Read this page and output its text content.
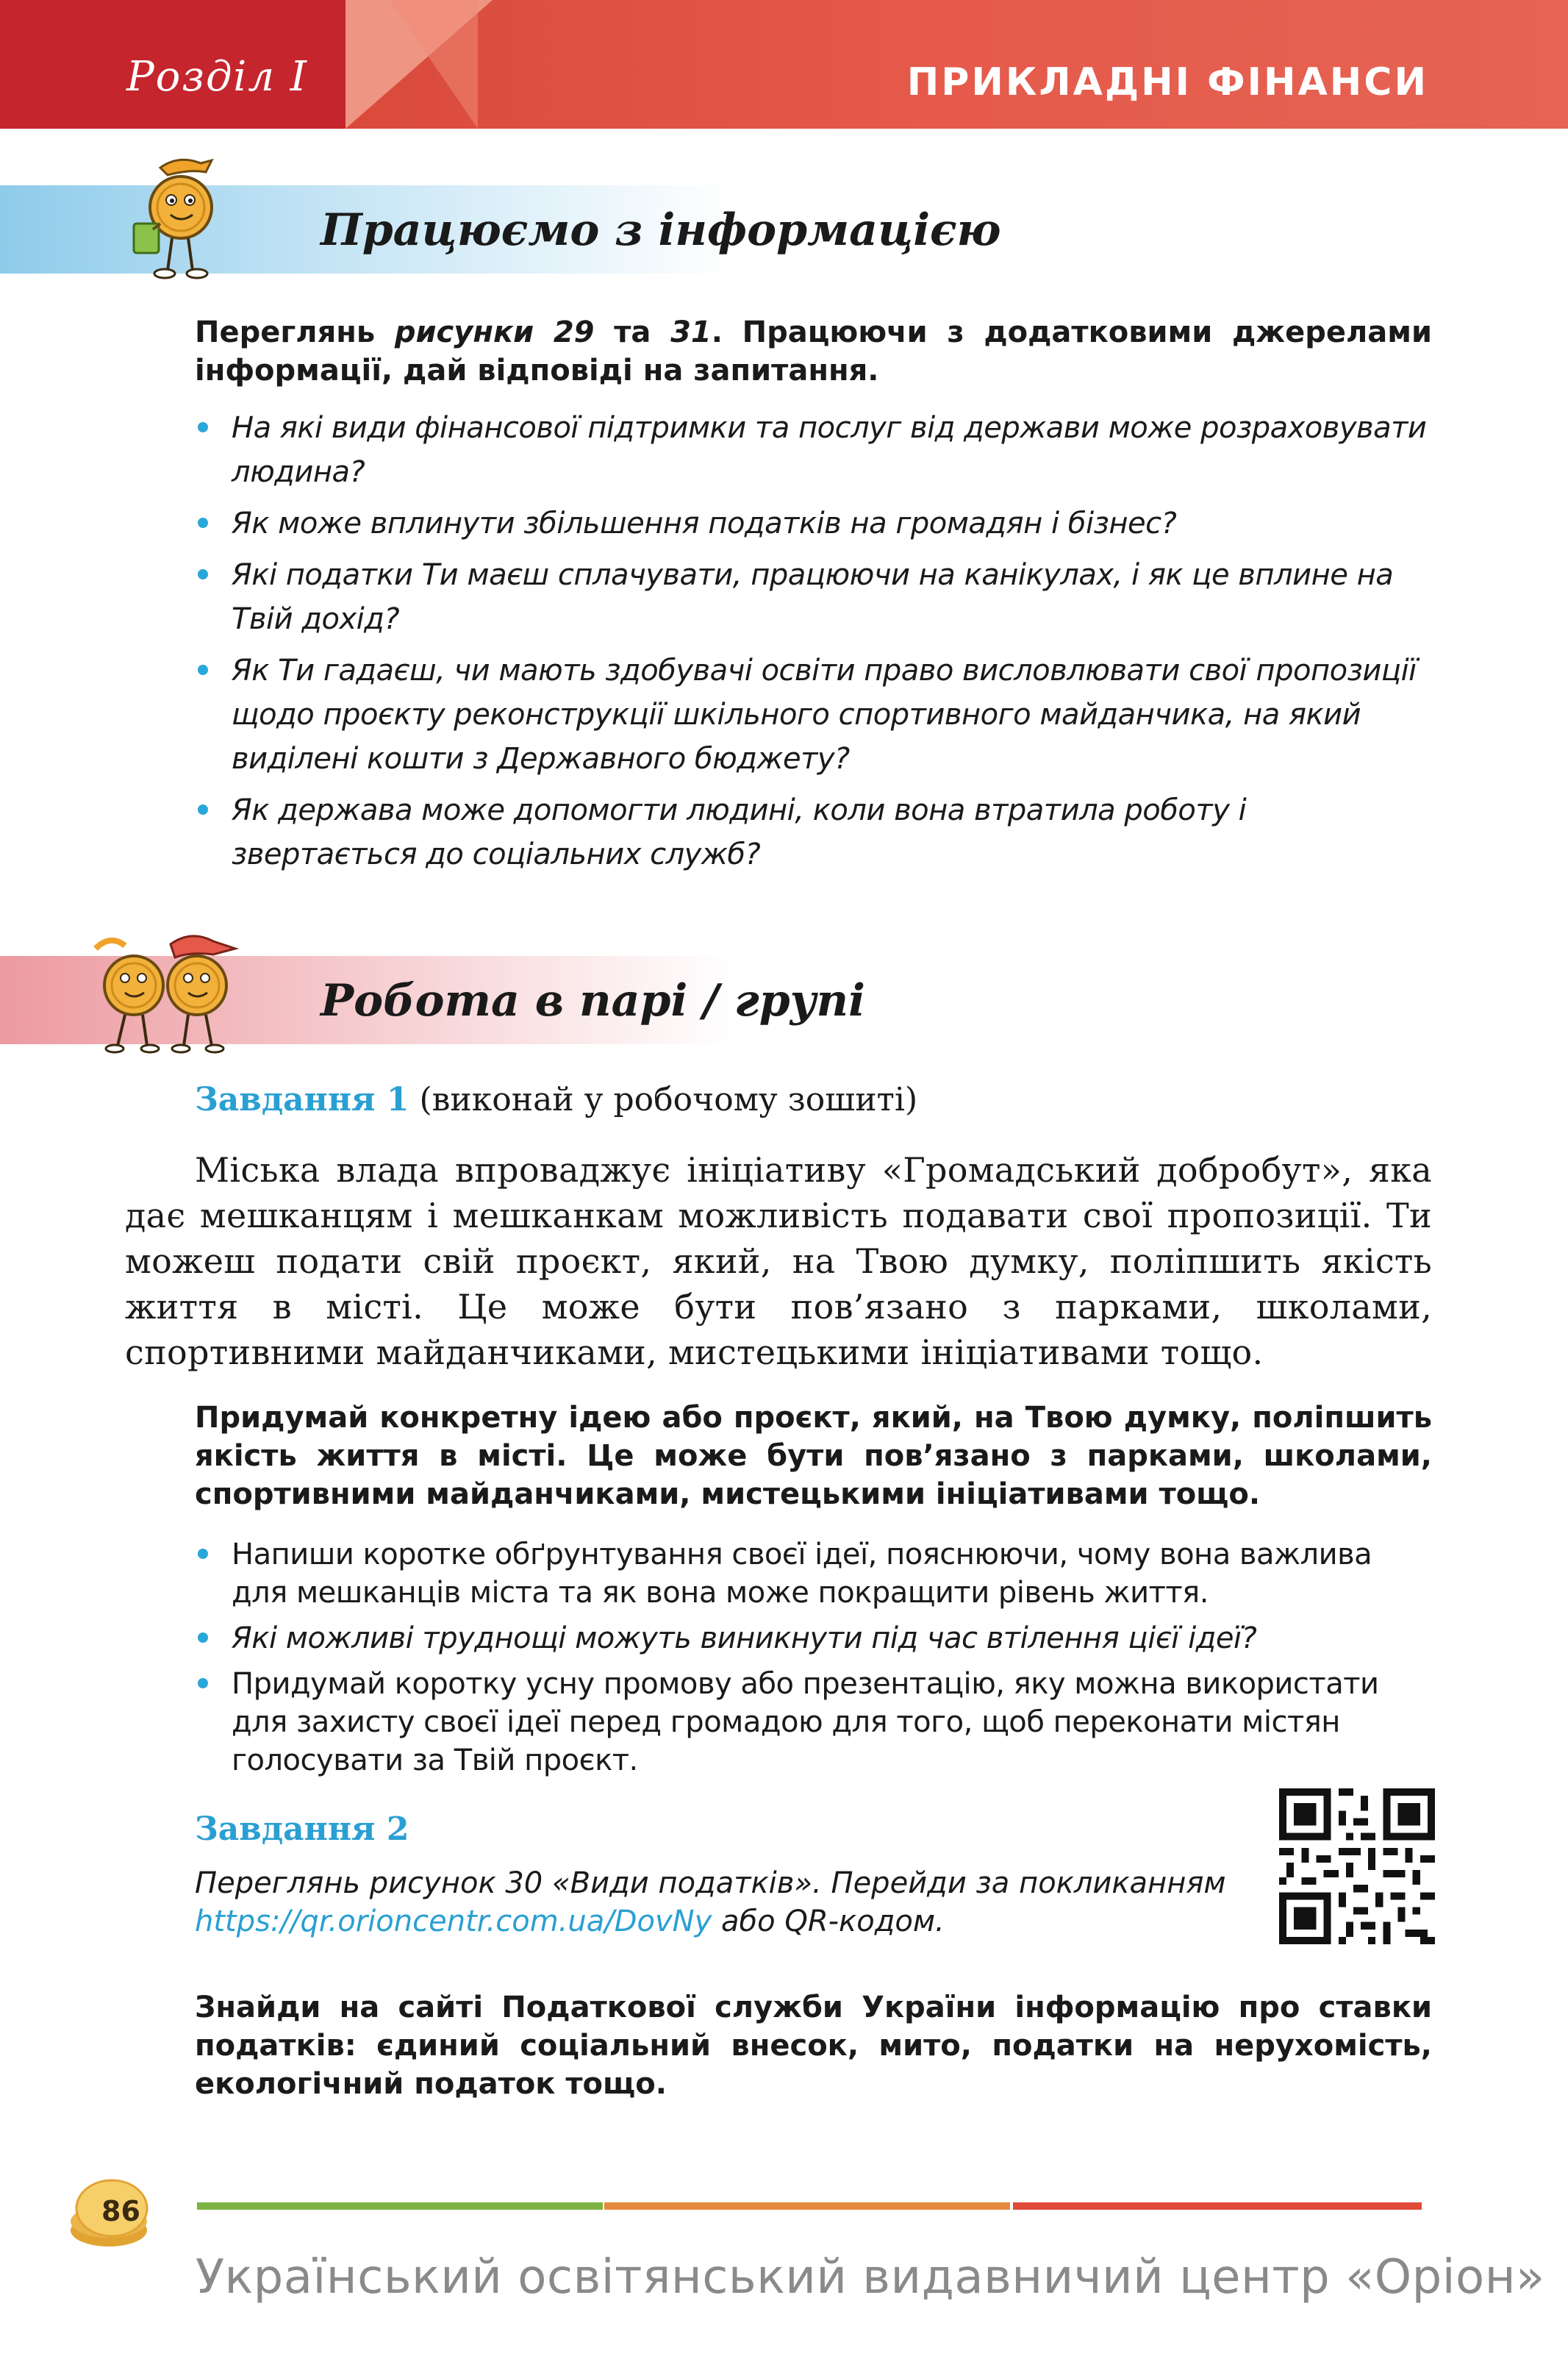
Розділ I	ПРИКЛАДНІ ФІНАНСИ
Працюємо з інформацією
Переглянь рисунки 29 та 31. Працюючи з додатковими джерелами інформації, дай відповіді на запитання.
На які види фінансової підтримки та послуг від держави може розраховувати людина?
Як може вплинути збільшення податків на громадян і бізнес?
Які податки Ти маєш сплачувати, працюючи на канікулах, і як це вплине на Твій дохід?
Як Ти гадаєш, чи мають здобувачі освіти право висловлювати свої пропозиції щодо проєкту реконструкції шкільного спортивного майданчика, на який виділені кошти з Державного бюджету?
Як держава може допомогти людині, коли вона втратила роботу і звертається до соціальних служб?
Робота в парі / групі
Завдання 1 (виконай у робочому зошиті)
Міська влада впроваджує ініціативу «Громадський добробут», яка дає мешканцям і мешканкам можливість подавати свої пропозиції. Ти можеш подати свій проєкт, який, на Твою думку, поліпшить якість життя в місті. Це може бути пов’язано з парками, школами, спортивними майданчиками, мистецькими ініціативами тощо.
Придумай конкретну ідею або проєкт, який, на Твою думку, поліпшить якість життя в місті. Це може бути пов’язано з парками, школами, спортивними майданчиками, мистецькими ініціативами тощо.
Напиши коротке обґрунтування своєї ідеї, пояснюючи, чому вона важлива для мешканців міста та як вона може покращити рівень життя.
Які можливі труднощі можуть виникнути під час втілення цієї ідеї?
Придумай коротку усну промову або презентацію, яку можна використати для захисту своєї ідеї перед громадою для того, щоб переконати містян голосувати за Твій проєкт.
Завдання 2
Переглянь рисунок 30 «Види податків». Перейди за покликанням https://qr.orioncentr.com.ua/DovNy або QR-кодом.
Знайди на сайті Податкової служби України інформацію про ставки податків: єдиний соціальний внесок, мито, податки на нерухомість, екологічний податок тощо.
86
Український освітянський видавничий центр «Оріон»
